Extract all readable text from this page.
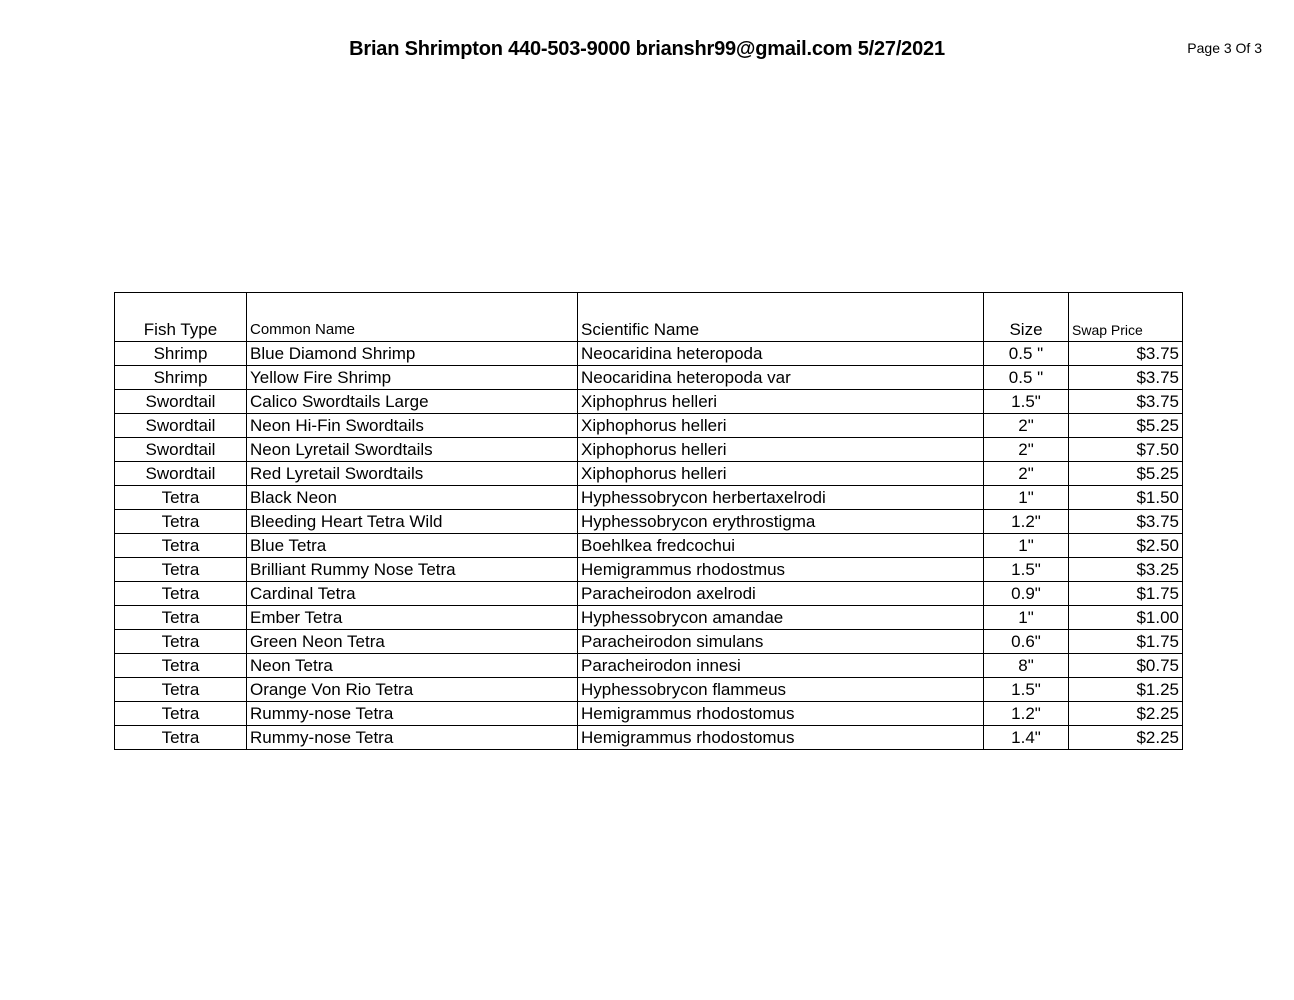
Brian Shrimpton 440-503-9000 brianshr99@gmail.com 5/27/2021	Page 3 Of 3
Fish Type	Common Name	Scientific Name	Size	Swap Price
Shrimp	Blue Diamond Shrimp	Neocaridina heteropoda	0.5 "	$3.75
Shrimp	Yellow Fire Shrimp	Neocaridina heteropoda var	0.5 "	$3.75
Swordtail	Calico Swordtails Large	Xiphophrus helleri	1.5"	$3.75
Swordtail	Neon Hi-Fin Swordtails	Xiphophorus helleri	2"	$5.25
Swordtail	Neon Lyretail Swordtails	Xiphophorus helleri	2"	$7.50
Swordtail	Red Lyretail Swordtails	Xiphophorus helleri	2"	$5.25
Tetra	Black Neon	Hyphessobrycon herbertaxelrodi	1"	$1.50
Tetra	Bleeding Heart Tetra Wild	Hyphessobrycon erythrostigma	1.2"	$3.75
Tetra	Blue Tetra	Boehlkea fredcochui	1"	$2.50
Tetra	Brilliant Rummy Nose Tetra	Hemigrammus rhodostmus	1.5"	$3.25
Tetra	Cardinal Tetra	Paracheirodon axelrodi	0.9"	$1.75
Tetra	Ember Tetra	Hyphessobrycon amandae	1"	$1.00
Tetra	Green Neon Tetra	Paracheirodon simulans	0.6"	$1.75
Tetra	Neon Tetra	Paracheirodon innesi	8"	$0.75
Tetra	Orange Von Rio Tetra	Hyphessobrycon flammeus	1.5"	$1.25
Tetra	Rummy-nose Tetra	Hemigrammus rhodostomus	1.2"	$2.25
Tetra	Rummy-nose Tetra	Hemigrammus rhodostomus	1.4"	$2.25
